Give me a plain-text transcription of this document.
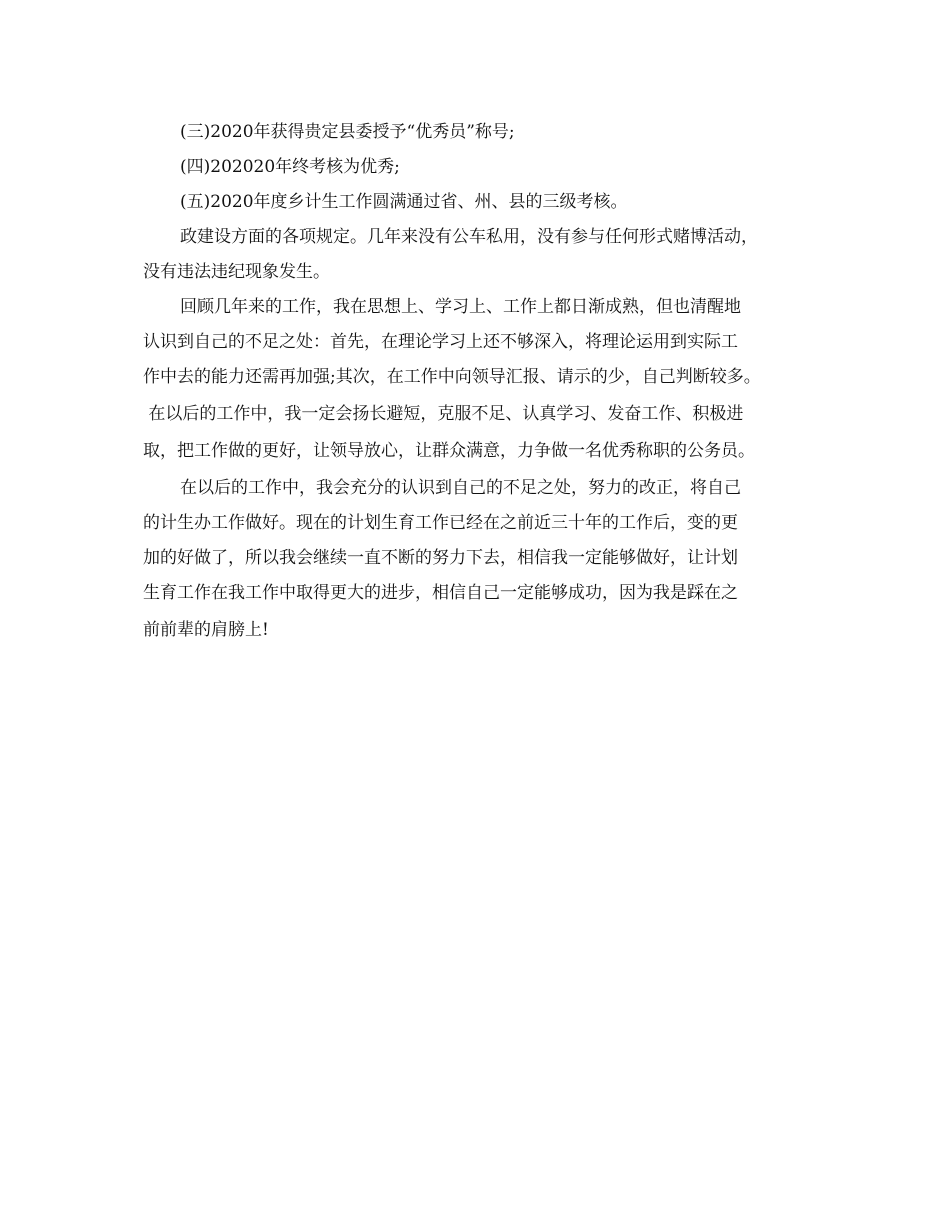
(三)2020年获得贵定县委授予“优秀员”称号;
(四)202020年终考核为优秀;
(五)2020年度乡计生工作圆满通过省、州、县的三级考核。
政建设方面的各项规定。几年来没有公车私用，没有参与任何形式赌博活动，
没有违法违纪现象发生。
回顾几年来的工作，我在思想上、学习上、工作上都日渐成熟，但也清醒地
认识到自己的不足之处：首先，在理论学习上还不够深入，将理论运用到实际工
作中去的能力还需再加强;其次，在工作中向领导汇报、请示的少，自己判断较多。
在以后的工作中，我一定会扬长避短，克服不足、认真学习、发奋工作、积极进
取，把工作做的更好，让领导放心，让群众满意，力争做一名优秀称职的公务员。
在以后的工作中，我会充分的认识到自己的不足之处，努力的改正，将自己
的计生办工作做好。现在的计划生育工作已经在之前近三十年的工作后，变的更
加的好做了，所以我会继续一直不断的努力下去，相信我一定能够做好，让计划
生育工作在我工作中取得更大的进步，相信自己一定能够成功，因为我是踩在之
前前辈的肩膀上!
